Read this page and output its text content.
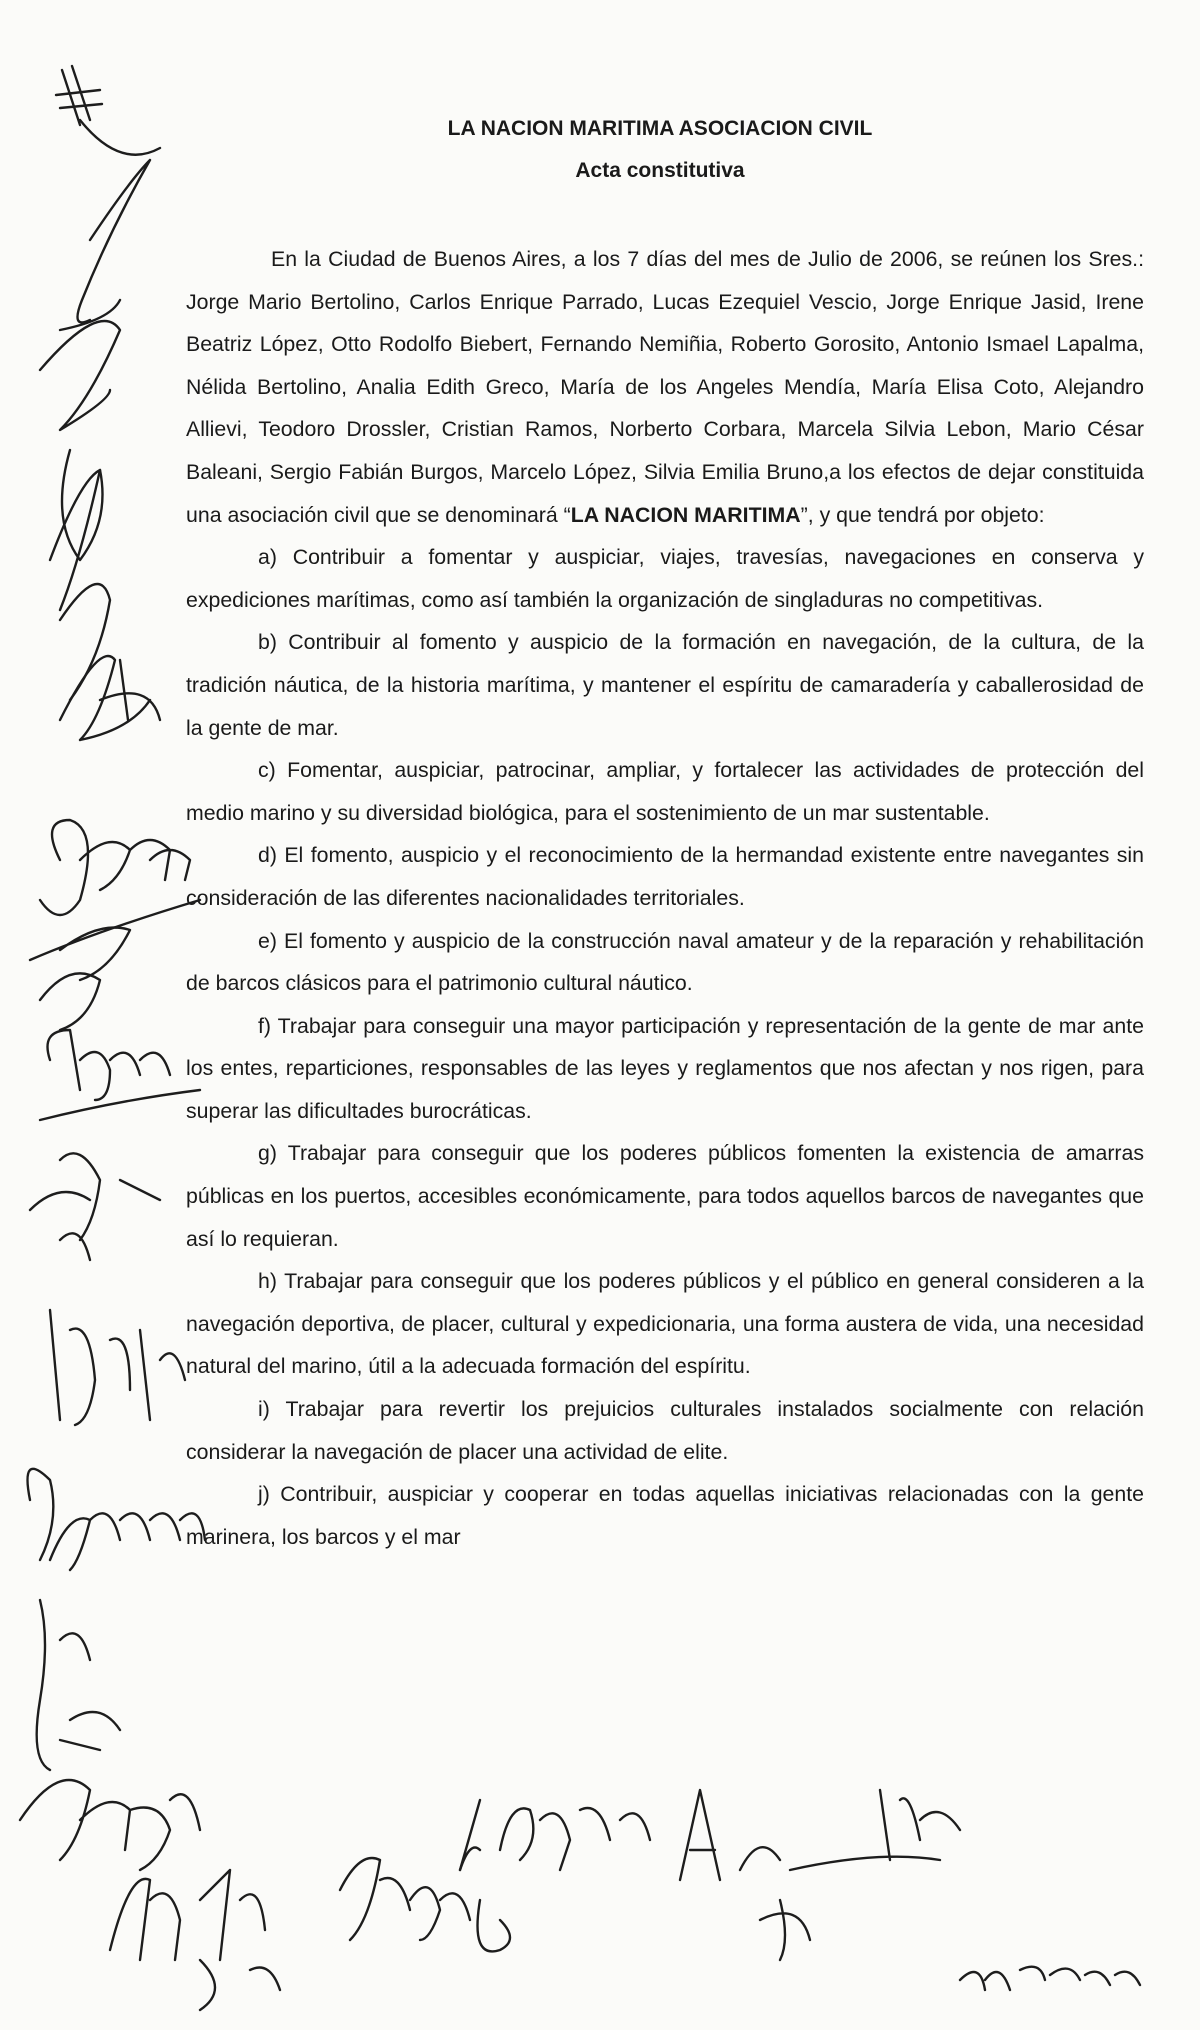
LA NACION MARITIMA ASOCIACION CIVIL
Acta constitutiva

En la Ciudad de Buenos Aires, a los 7 días del mes de Julio de 2006, se reúnen los Sres.: Jorge Mario Bertolino, Carlos Enrique Parrado, Lucas Ezequiel Vescio, Jorge Enrique Jasid, Irene Beatriz López, Otto Rodolfo Biebert, Fernando Nemiñia, Roberto Gorosito, Antonio Ismael Lapalma, Nélida Bertolino, Analia Edith Greco, María de los Angeles Mendía, María Elisa Coto, Alejandro Allievi, Teodoro Drossler, Cristian Ramos, Norberto Corbara, Marcela Silvia Lebon, Mario César Baleani, Sergio Fabián Burgos, Marcelo López, Silvia Emilia Bruno,a los efectos de dejar constituida una asociación civil que se denominará “LA NACION MARITIMA”, y que tendrá por objeto:

a) Contribuir a fomentar y auspiciar, viajes, travesías, navegaciones en conserva y expediciones marítimas, como así también la organización de singladuras no competitivas.

b) Contribuir al fomento y auspicio de la formación en navegación, de la cultura, de la tradición náutica, de la historia marítima, y mantener el espíritu de camaradería y caballerosidad de la gente de mar.

c) Fomentar, auspiciar, patrocinar, ampliar, y fortalecer las actividades de protección del medio marino y su diversidad biológica, para el sostenimiento de un mar sustentable.

d) El fomento, auspicio y el reconocimiento de la hermandad existente entre navegantes sin consideración de las diferentes nacionalidades territoriales.

e) El fomento y auspicio de la construcción naval amateur y de la reparación y rehabilitación de barcos clásicos para el patrimonio cultural náutico.

f) Trabajar para conseguir una mayor participación y representación de la gente de mar ante los entes, reparticiones, responsables de las leyes y reglamentos que nos afectan y nos rigen, para superar las dificultades burocráticas.

g) Trabajar para conseguir que los poderes públicos fomenten la existencia de amarras públicas en los puertos, accesibles económicamente, para todos aquellos barcos de navegantes que así lo requieran.

h) Trabajar para conseguir que los poderes públicos y el público en general consideren a la navegación deportiva, de placer, cultural y expedicionaria, una forma austera de vida, una necesidad natural del marino, útil a la adecuada formación del espíritu.

i) Trabajar para revertir los prejuicios culturales instalados socialmente con relación considerar la navegación de placer una actividad de elite.

j) Contribuir, auspiciar y cooperar en todas aquellas iniciativas relacionadas con la gente marinera, los barcos y el mar
